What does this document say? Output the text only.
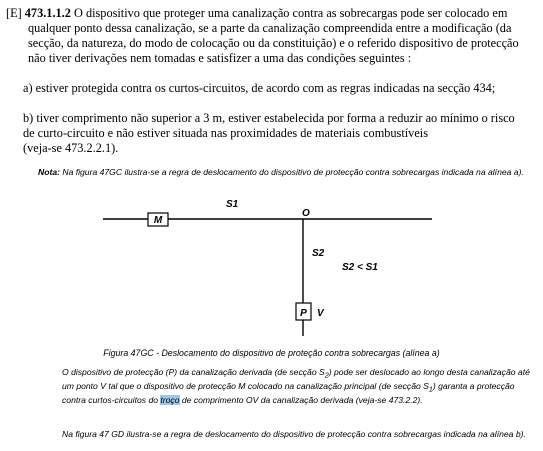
[E] 473.1.1.2 O dispositivo que proteger uma canalização contra as sobrecargas pode ser colocado em qualquer ponto dessa canalização, se a parte da canalização compreendida entre a modificação (da secção, da natureza, do modo de colocação ou da constituição) e o referido dispositivo de protecção não tiver derivações nem tomadas e satisfizer a uma das condições seguintes :
a) estiver protegida contra os curtos-circuitos, de acordo com as regras indicadas na secção 434;
b) tiver comprimento não superior a 3 m, estiver estabelecida por forma a reduzir ao mínimo o risco
de curto-circuito e não estiver situada nas proximidades de materiais combustíveis
(veja-se 473.2.2.1).
Nota: Na figura 47GC ilustra-se a regra de deslocamento do dispositivo de protecção contra sobrecargas indicada na alínea a).
M
S1
O
S2
S2 < S1
P V
Figura 47GC - Deslocamento do dispositivo de proteção contra sobrecargas (alínea a)
O dispositivo de protecção (P) da canalização derivada (de secção $S_2$) pode ser deslocado ao longo desta canalização até um ponto V tal que o dispositivo de protecção M colocado na canalização principal (de secção $S_1$) garanta a protecção contra curtos-circuitos do troço de comprimento OV da canalização derivada (veja-se 473.2.2).
Na figura 47 GD ilustra-se a regra de deslocamento do dispositivo de protecção contra sobrecargas indicada na alínea b).
